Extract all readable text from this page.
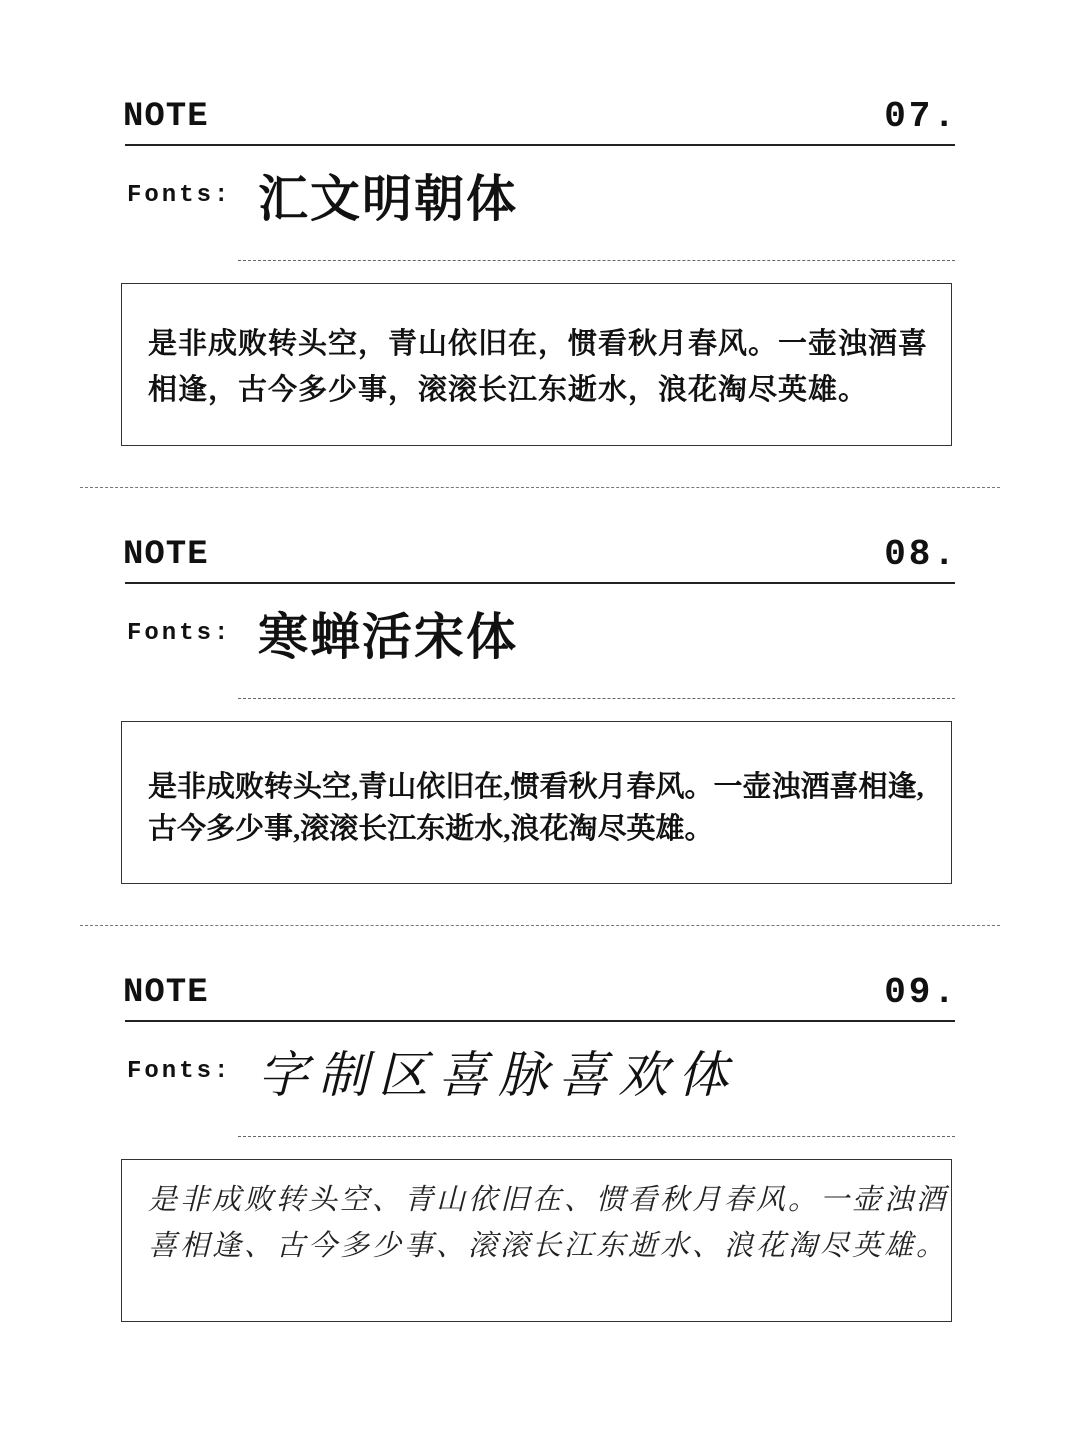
NOTE	07.
Fonts: 汇文明朝体
是非成败转头空，青山依旧在，惯看秋月春风。一壶浊酒喜相逢，古今多少事，滚滚长江东逝水，浪花淘尽英雄。
NOTE	08.
Fonts: 寒蝉活宋体
是非成败转头空,青山依旧在,惯看秋月春风。一壶浊酒喜相逢,古今多少事,滚滚长江东逝水,浪花淘尽英雄。
NOTE	09.
Fonts: 字制区喜脉喜欢体
是非成败转头空、青山依旧在、惯看秋月春风。一壶浊酒喜相逢、古今多少事、滚滚长江东逝水、浪花淘尽英雄。
